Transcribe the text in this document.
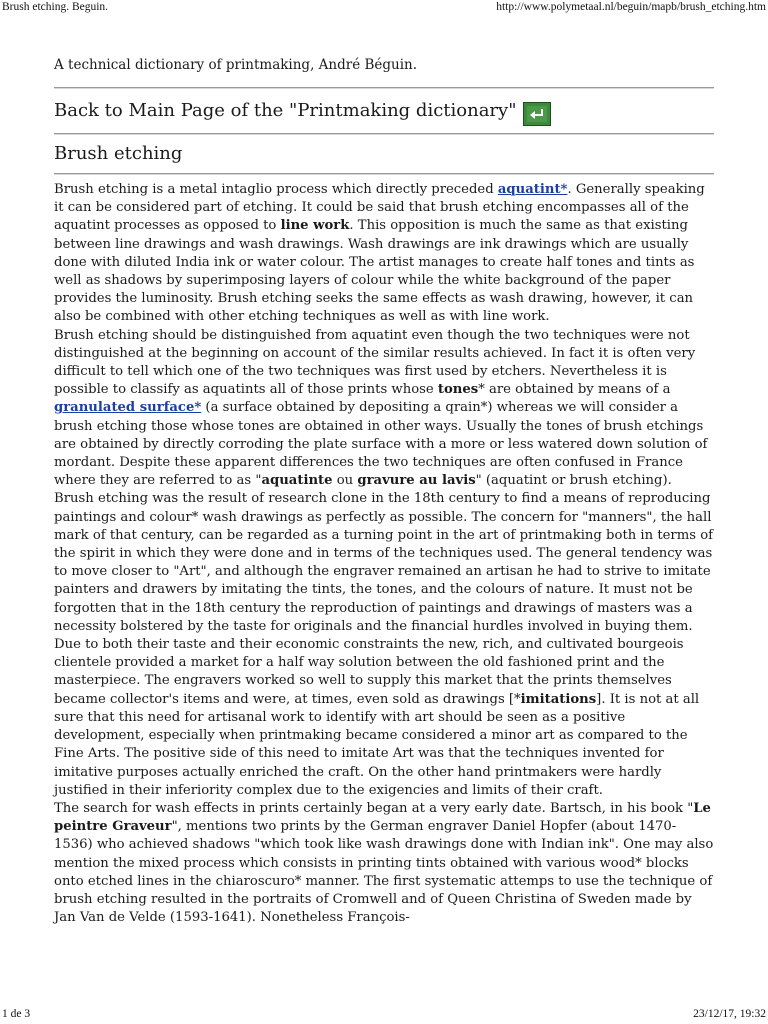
Brush etching. Beguin.	http://www.polymetaal.nl/beguin/mapb/brush_etching.htm
A technical dictionary of printmaking, André Béguin.
Back to Main Page of the "Printmaking dictionary"
Brush etching

Brush etching is a metal intaglio process which directly preceded aquatint*. Generally speaking it can be considered part of etching. It could be said that brush etching encompasses all of the aquatint processes as opposed to line work. This opposition is much the same as that existing between line drawings and wash drawings. Wash drawings are ink drawings which are usually done with diluted India ink or water colour. The artist manages to create half tones and tints as well as shadows by superimposing layers of colour while the white background of the paper provides the luminosity. Brush etching seeks the same effects as wash drawing, however, it can also be combined with other etching techniques as well as with line work.

Brush etching should be distinguished from aquatint even though the two techniques were not distinguished at the beginning on account of the similar results achieved. In fact it is often very difficult to tell which one of the two techniques was first used by etchers. Nevertheless it is possible to classify as aquatints all of those prints whose tones* are obtained by means of a granulated surface* (a surface obtained by depositing a qrain*) whereas we will consider a brush etching those whose tones are obtained in other ways. Usually the tones of brush etchings are obtained by directly corroding the plate surface with a more or less watered down solution of mordant. Despite these apparent differences the two techniques are often confused in France where they are referred to as "aquatinte ou gravure au lavis" (aquatint or brush etching).

Brush etching was the result of research clone in the 18th century to find a means of reproducing paintings and colour* wash drawings as perfectly as possible. The concern for "manners", the hall mark of that century, can be regarded as a turning point in the art of printmaking both in terms of the spirit in which they were done and in terms of the techniques used. The general tendency was to move closer to "Art", and although the engraver remained an artisan he had to strive to imitate painters and drawers by imitating the tints, the tones, and the colours of nature. It must not be forgotten that in the 18th century the reproduction of paintings and drawings of masters was a necessity bolstered by the taste for originals and the financial hurdles involved in buying them. Due to both their taste and their economic constraints the new, rich, and cultivated bourgeois clientele provided a market for a half way solution between the old fashioned print and the masterpiece. The engravers worked so well to supply this market that the prints themselves became collector's items and were, at times, even sold as drawings [*imitations]. It is not at all sure that this need for artisanal work to identify with art should be seen as a positive development, especially when printmaking became considered a minor art as compared to the Fine Arts. The positive side of this need to imitate Art was that the techniques invented for imitative purposes actually enriched the craft. On the other hand printmakers were hardly justified in their inferiority complex due to the exigencies and limits of their craft.

The search for wash effects in prints certainly began at a very early date. Bartsch, in his book "Le peintre Graveur", mentions two prints by the German engraver Daniel Hopfer (about 1470-1536) who achieved shadows "which took like wash drawings done with Indian ink". One may also mention the mixed process which consists in printing tints obtained with various wood* blocks onto etched lines in the chiaroscuro* manner. The first systematic attemps to use the technique of brush etching resulted in the portraits of Cromwell and of Queen Christina of Sweden made by Jan Van de Velde (1593-1641). Nonetheless François-

1 de 3	23/12/17, 19:32
